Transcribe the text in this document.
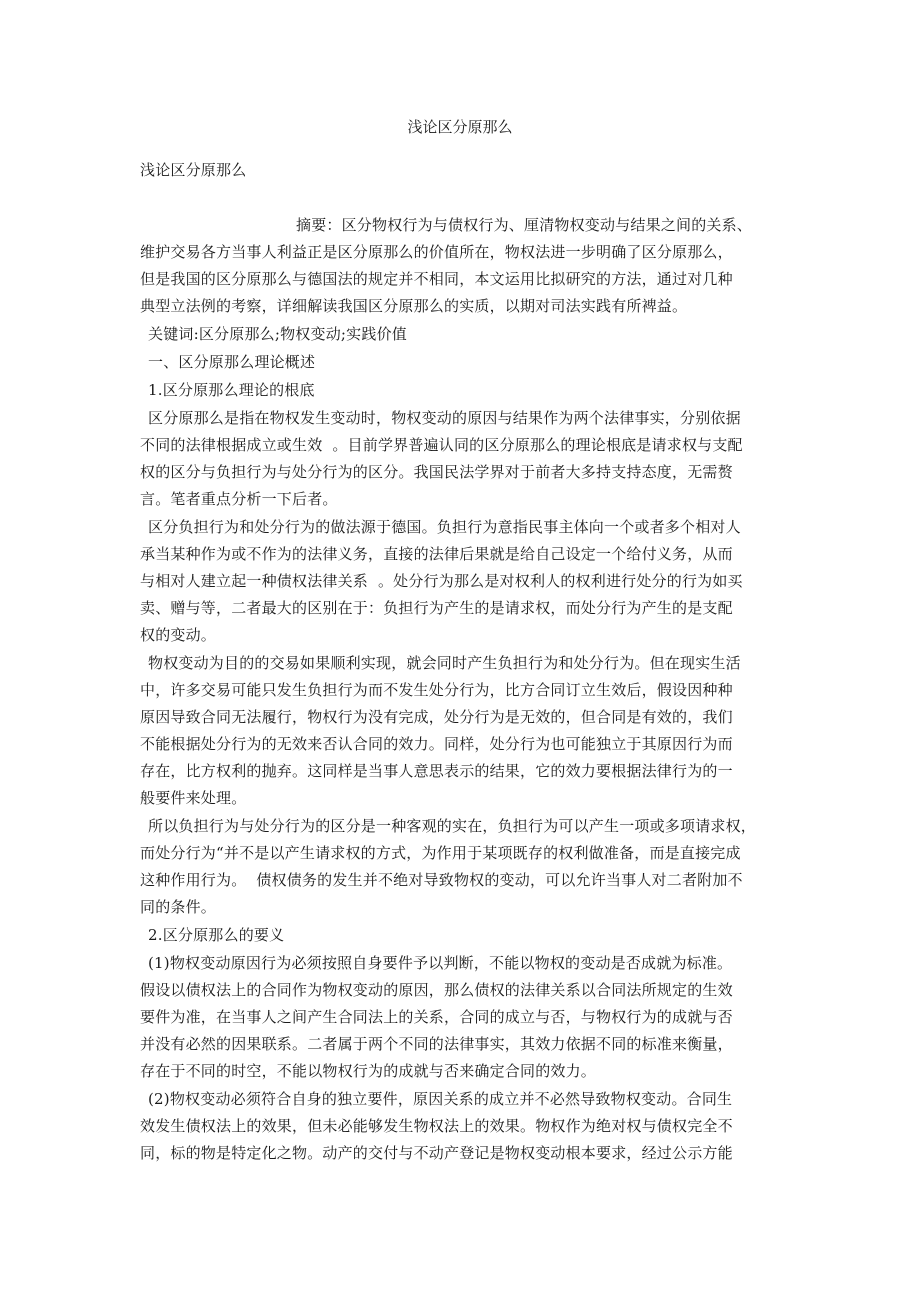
浅论区分原那么
浅论区分原那么
摘要：区分物权行为与债权行为、厘清物权变动与结果之间的关系、
维护交易各方当事人利益正是区分原那么的价值所在，物权法进一步明确了区分原那么，
但是我国的区分原那么与德国法的规定并不相同，本文运用比拟研究的方法，通过对几种
典型立法例的考察，详细解读我国区分原那么的实质，以期对司法实践有所裨益。
关键词:区分原那么;物权变动;实践价值
一、区分原那么理论概述
1.区分原那么理论的根底
区分原那么是指在物权发生变动时，物权变动的原因与结果作为两个法律事实，分别依据
不同的法律根据成立或生效  。目前学界普遍认同的区分原那么的理论根底是请求权与支配
权的区分与负担行为与处分行为的区分。我国民法学界对于前者大多持支持态度，无需赘
言。笔者重点分析一下后者。
区分负担行为和处分行为的做法源于德国。负担行为意指民事主体向一个或者多个相对人
承当某种作为或不作为的法律义务，直接的法律后果就是给自己设定一个给付义务，从而
与相对人建立起一种债权法律关系  。处分行为那么是对权利人的权利进行处分的行为如买
卖、赠与等，二者最大的区别在于：负担行为产生的是请求权，而处分行为产生的是支配
权的变动。
物权变动为目的的交易如果顺利实现，就会同时产生负担行为和处分行为。但在现实生活
中，许多交易可能只发生负担行为而不发生处分行为，比方合同订立生效后，假设因种种
原因导致合同无法履行，物权行为没有完成，处分行为是无效的，但合同是有效的，我们
不能根据处分行为的无效来否认合同的效力。同样，处分行为也可能独立于其原因行为而
存在，比方权利的抛弃。这同样是当事人意思表示的结果，它的效力要根据法律行为的一
般要件来处理。
所以负担行为与处分行为的区分是一种客观的实在，负担行为可以产生一项或多项请求权，
而处分行为“并不是以产生请求权的方式，为作用于某项既存的权利做准备，而是直接完成
这种作用行为。  债权债务的发生并不绝对导致物权的变动，可以允许当事人对二者附加不
同的条件。
2.区分原那么的要义
(1)物权变动原因行为必须按照自身要件予以判断，不能以物权的变动是否成就为标准。
假设以债权法上的合同作为物权变动的原因，那么债权的法律关系以合同法所规定的生效
要件为准，在当事人之间产生合同法上的关系，合同的成立与否，与物权行为的成就与否
并没有必然的因果联系。二者属于两个不同的法律事实，其效力依据不同的标准来衡量，
存在于不同的时空，不能以物权行为的成就与否来确定合同的效力。
(2)物权变动必须符合自身的独立要件，原因关系的成立并不必然导致物权变动。合同生
效发生债权法上的效果，但未必能够发生物权法上的效果。物权作为绝对权与债权完全不
同，标的物是特定化之物。动产的交付与不动产登记是物权变动根本要求，经过公示方能
